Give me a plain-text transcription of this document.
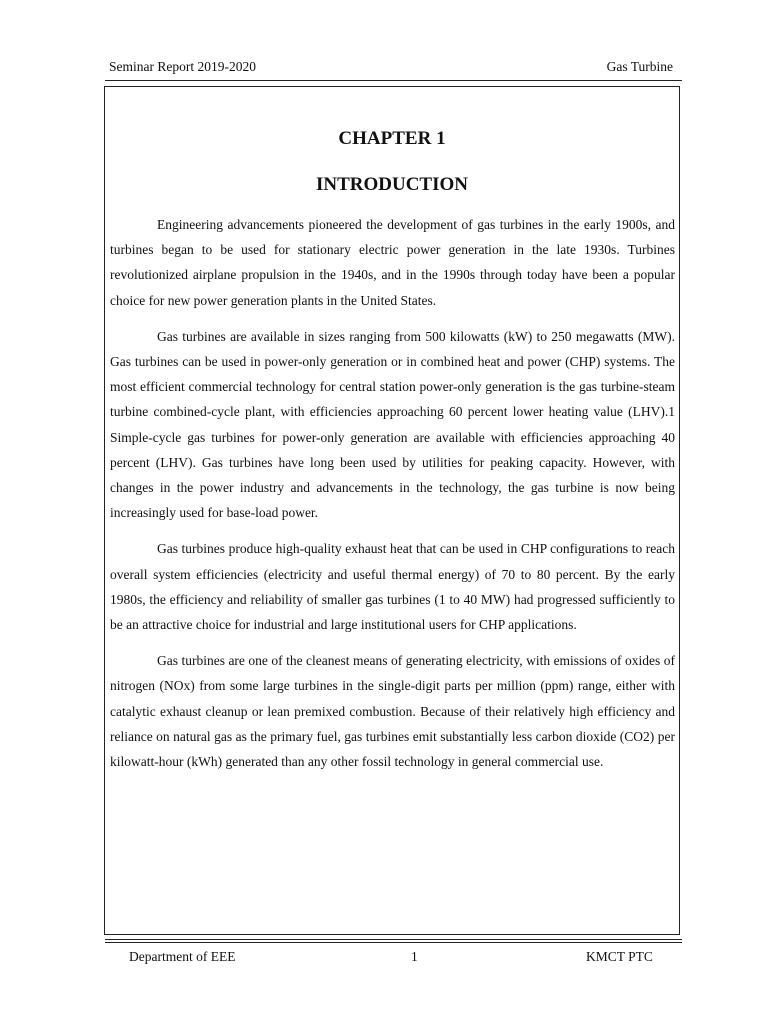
Seminar Report 2019-2020	Gas Turbine
CHAPTER 1
INTRODUCTION

Engineering advancements pioneered the development of gas turbines in the early 1900s, and turbines began to be used for stationary electric power generation in the late 1930s. Turbines revolutionized airplane propulsion in the 1940s, and in the 1990s through today have been a popular choice for new power generation plants in the United States.

Gas turbines are available in sizes ranging from 500 kilowatts (kW) to 250 megawatts (MW). Gas turbines can be used in power-only generation or in combined heat and power (CHP) systems. The most efficient commercial technology for central station power-only generation is the gas turbine-steam turbine combined-cycle plant, with efficiencies approaching 60 percent lower heating value (LHV).1 Simple-cycle gas turbines for power-only generation are available with efficiencies approaching 40 percent (LHV). Gas turbines have long been used by utilities for peaking capacity. However, with changes in the power industry and advancements in the technology, the gas turbine is now being increasingly used for base-load power.

Gas turbines produce high-quality exhaust heat that can be used in CHP configurations to reach overall system efficiencies (electricity and useful thermal energy) of 70 to 80 percent. By the early 1980s, the efficiency and reliability of smaller gas turbines (1 to 40 MW) had progressed sufficiently to be an attractive choice for industrial and large institutional users for CHP applications.

Gas turbines are one of the cleanest means of generating electricity, with emissions of oxides of nitrogen (NOx) from some large turbines in the single-digit parts per million (ppm) range, either with catalytic exhaust cleanup or lean premixed combustion. Because of their relatively high efficiency and reliance on natural gas as the primary fuel, gas turbines emit substantially less carbon dioxide (CO2) per kilowatt-hour (kWh) generated than any other fossil technology in general commercial use.

Department of EEE	1	KMCT PTC
